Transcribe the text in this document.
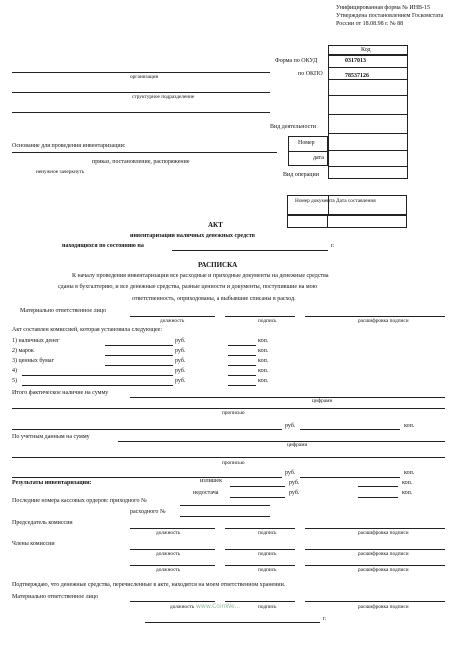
Унифицированная форма № ИНВ-15
Утверждена постановлением Госкомстата
России от 18.08.98 г. № 88
Код
Форма по ОКУД	0317013
по ОКПО	78537126
Вид деятельности
Номер
дата
Вид операции
организация
структурное подразделение
Основание для проведения инвентаризации:
приказ, постановление, распоряжение
ненужное зачеркнуть
Номер документа Дата составления
АКТ
инвентаризации наличных денежных средств
находящихся по состоянию на	г.
РАСПИСКА
К началу проведения инвентаризации все расходные и приходные документы на денежные средства
сданы в бухгалтерию, и все денежные средства, разные ценности и документы, поступившие на мою
ответственность, оприходованы, а выбывшие списаны в расход.
Материально ответственное лицо
должность	подпись	расшифровка подписи
Акт составлен комиссией, которая установила следующее:
1) наличных денег	руб.	коп.
2) марок	руб.	коп.
3) ценных бумаг	руб.	коп.
4)	руб.	коп.
5)	руб.	коп.
Итого фактическое наличие на сумму
цифрами
прописью
руб.	коп.
По учетным данным на сумму
цифрами
прописью
руб.	коп.
Результаты инвентаризации:	излишек	руб.	коп.
недостача	руб.	коп.
Последние номера кассовых ордеров: приходного №
расходного №
Председатель комиссии
должность	подпись	расшифровка подписи
Члены комиссии
должность	подпись	расшифровка подписи
должность	подпись	расшифровка подписи
Подтверждаю, что денежные средства, перечисленные в акте, находятся на моем ответственном хранении.
Материально ответственное лицо
должность	подпись	расшифровка подписи
г.
www.CoinWe...
